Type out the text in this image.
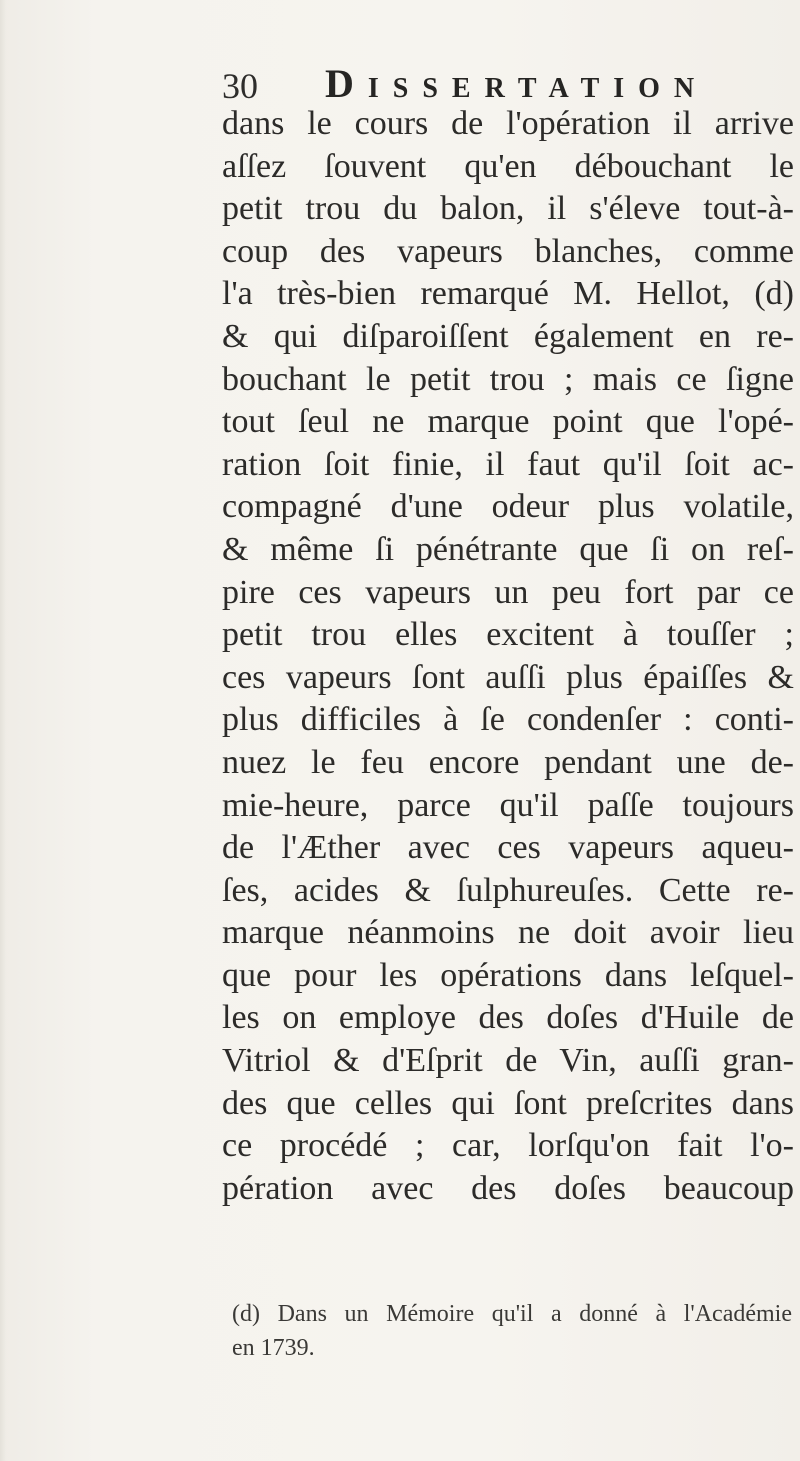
30 Dissertation
dans le cours de l'opération il arrive
aſſez ſouvent qu'en débouchant le
petit trou du balon, il s'éleve tout-à-
coup des vapeurs blanches, comme
l'a très-bien remarqué M. Hellot, (d)
& qui diſparoiſſent également en re-
bouchant le petit trou ; mais ce ſigne
tout ſeul ne marque point que l'opé-
ration ſoit finie, il faut qu'il ſoit ac-
compagné d'une odeur plus volatile,
& même ſi pénétrante que ſi on reſ-
pire ces vapeurs un peu fort par ce
petit trou elles excitent à touſſer ;
ces vapeurs ſont auſſi plus épaiſſes &
plus difficiles à ſe condenſer : conti-
nuez le feu encore pendant une de-
mie-heure, parce qu'il paſſe toujours
de l'Æther avec ces vapeurs aqueu-
ſes, acides & ſulphureuſes. Cette re-
marque néanmoins ne doit avoir lieu
que pour les opérations dans leſquel-
les on employe des doſes d'Huile de
Vitriol & d'Eſprit de Vin, auſſi gran-
des que celles qui ſont preſcrites dans
ce procédé ; car, lorſqu'on fait l'o-
pération avec des doſes beaucoup
(d) Dans un Mémoire qu'il a donné à l'Académie
en 1739.
